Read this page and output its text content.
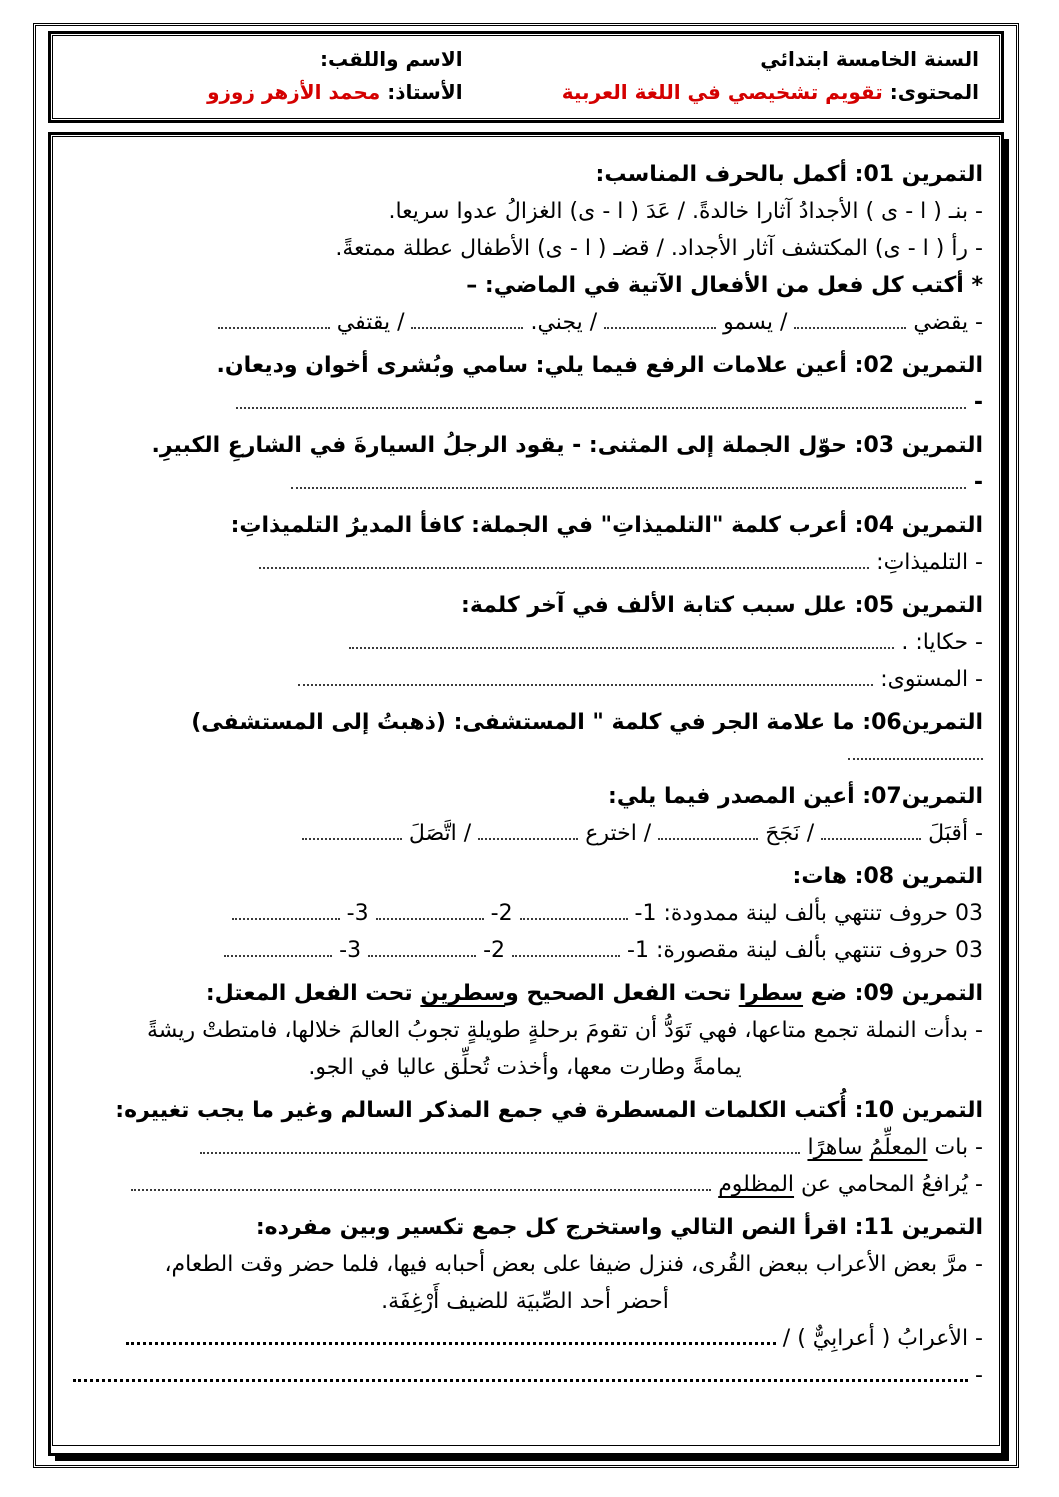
السنة الخامسة ابتدائي
المحتوى: تقويم تشخيصي في اللغة العربية
الاسم واللقب:
الأستاذ: محمد الأزهر زوزو
التمرين 01: أكمل بالحرف المناسب:
- بنـ ( ا - ى ) الأجدادُ آثارا خالدةً. / عَدَ ( ا - ى) الغزالُ عدوا سريعا.
- رأ ( ا - ى) المكتشف آثار الأجداد. / قضـ ( ا - ى) الأطفال عطلة ممتعةً.
* أكتب كل فعل من الأفعال الآتية في الماضي: –
- يقضي  / يسمو  / يجني.  / يقتفي
التمرين 02: أعين علامات الرفع فيما يلي: سامي وبُشرى أخوان وديعان.
-
التمرين 03: حوّل الجملة إلى المثنى: - يقود الرجلُ السيارةَ في الشارعِ الكبيرِ.
-
التمرين 04: أعرب كلمة "التلميذاتِ" في الجملة: كافأ المديرُ التلميذاتِ:
- التلميذاتِ:
التمرين 05: علل سبب كتابة الألف في آخر كلمة:
- حكايا: .
- المستوى:
التمرين06: ما علامة الجر في كلمة " المستشفى: (ذهبتُ إلى المستشفى)
التمرين07: أعين المصدر فيما يلي:
- أقبَلَ  / نَجَحَ  / اخترع  / اتَّصَلَ
التمرين 08: هات:
03 حروف تنتهي بألف لينة ممدودة: 1-  2-  3-
03 حروف تنتهي بألف لينة مقصورة: 1-  2-  3-
التمرين 09: ضع سطرا تحت الفعل الصحيح وسطرين تحت الفعل المعتل:
- بدأت النملة تجمع متاعها، فهي تَوَدُّ أن تقومَ برحلةٍ طويلةٍ تجوبُ العالمَ خلالها، فامتطتْ ريشةً
يمامةً وطارت معها، وأخذت تُحلِّق عاليا في الجو.
التمرين 10: أُكتب الكلمات المسطرة في جمع المذكر السالم وغير ما يجب تغييره:
- بات المعلِّمُ ساهرًا
- يُرافعُ المحامي عن المظلوم
التمرين 11: اقرأ النص التالي واستخرج كل جمع تكسير وبين مفرده:
- مرَّ بعض الأعراب ببعض القُرى، فنزل ضيفا على بعض أحبابه فيها، فلما حضر وقت الطعام،
أحضر أحد الصِّبيَة للضيف أَرْغِفَة.
- الأعرابُ ( أعرابِيٌّ ) /
-
